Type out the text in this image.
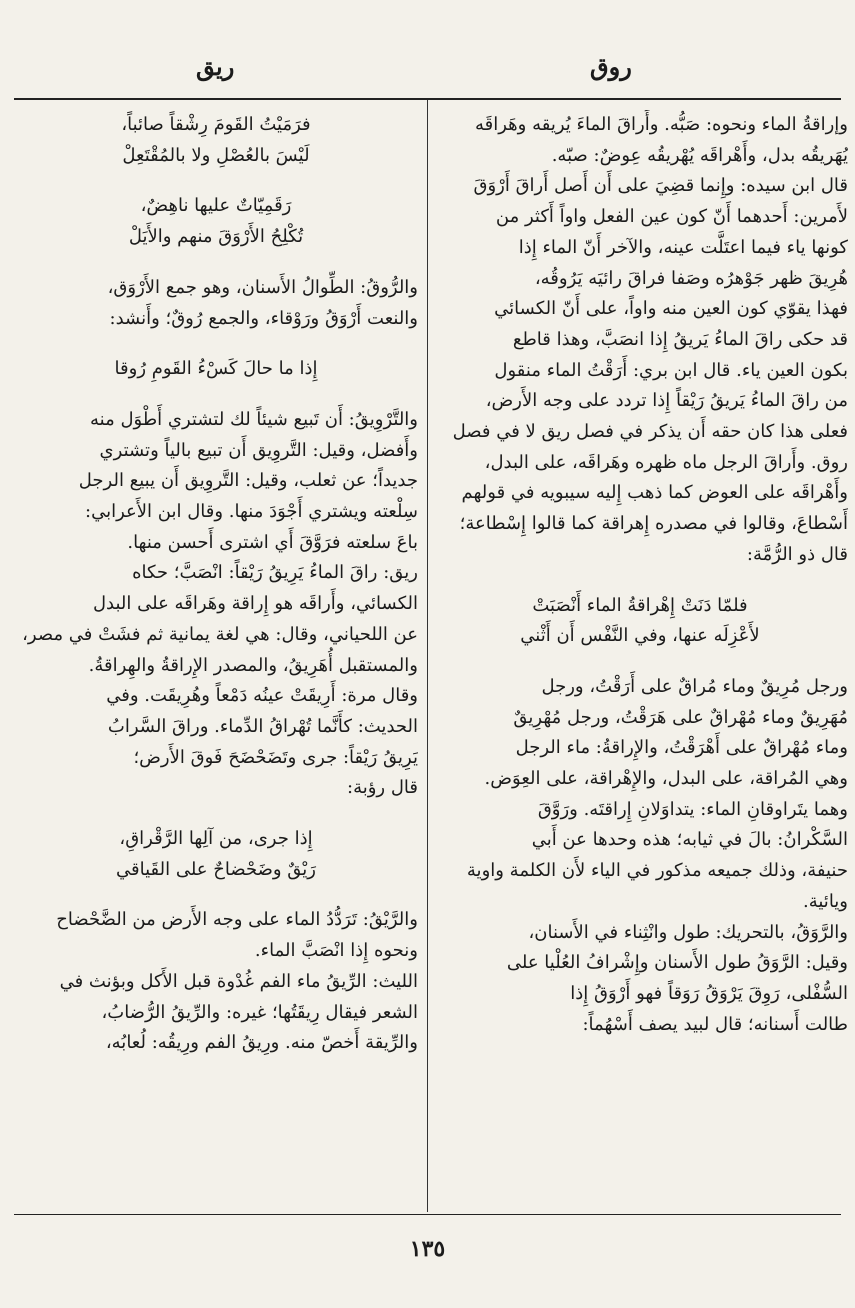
روق
ريق
وإراقةُ الماء ونحوه: صَبُّه. وأَراقَ الماءَ يُريقه وهَراقَه
يُهَريقُه بدل، وأَهْراقَه يُهْريقُه عِوضٌ: صبّه.
قال ابن سيده: وإِنما قضِيَ على أَن أَصل أَراقَ أَرْوَقَ
لأَمرين: أَحدهما أَنّ كون عين الفعل واواً أَكثر من
كونها ياء فيما اعتَلَّت عينه، والآخر أَنّ الماء إِذا
هُرِيقَ ظهر جَوْهرُه وصَفا فراقَ رائيَه يَرُوقُه،
فهذا يقوّي كون العين منه واواً، على أَنّ الكسائي
قد حكى راقَ الماءُ يَريقُ إِذا انصَبَّ، وهذا قاطع
بكون العين ياء. قال ابن بري: أَرَقْتُ الماء منقول
من راقَ الماءُ يَريقُ رَيْقاً إِذا تردد على وجه الأَرض،
فعلى هذا كان حقه أَن يذكر في فصل ريق لا في فصل
روق. وأَراقَ الرجل ماه ظهره وهَراقَه، على البدل،
وأَهْراقَه على العوض كما ذهب إِليه سيبويه في قولهم
أَسْطاعَ، وقالوا في مصدره إِهراقة كما قالوا إِسْطاعة؛
قال ذو الرُّمَّة:
فلمّا دَنَتْ إِهْراقةُ الماء أَنْصَبَتْ
لأَعْزِلَه عنها، وفي النَّفْس أَن أَثْني
ورجل مُرِيقٌ وماء مُراقٌ على أَرَقْتُ، ورجل
مُهَرِيقٌ وماء مُهْراقٌ على هَرَقْتُ، ورجل مُهْرِيقٌ
وماء مُهْراقٌ على أَهْرَقْتُ، والإِراقةُ: ماء الرجل
وهي المُراقة، على البدل، والإِهْراقة، على العِوَض.
وهما يتَراوقانِ الماء: يتداوَلانِ إِراقتَه. ورَوَّقَ
السَّكْرانُ: بالَ في ثيابه؛ هذه وحدها عن أَبي
حنيفة، وذلك جميعه مذكور في الياء لأَن الكلمة واوية
ويائية.
والرَّوَقُ، بالتحريك: طول وانْثِناء في الأَسنان،
وقيل: الرَّوَقُ طول الأَسنان وإِشْرافُ العُلْيا على
السُّفْلى، رَوِقَ يَرْوَقُ رَوَقاً فهو أَرْوَقُ إِذا
طالت أَسنانه؛ قال لبيد يصف أَسْهُماً:
فرَمَيْتُ القَومَ رِشْقاً صائباً،
لَيْسَ بالعُصْلِ ولا بالمُقْتَعِلْ
رَقَمِيّاتٌ عليها ناهِضٌ،
تُكْلِحُ الأَرْوَقَ منهم والأَيَلْ
والرُّوقُ: الطِّوالُ الأَسنان، وهو جمع الأَرْوَق،
والنعت أَرْوَقُ ورَوْقاء، والجمع رُوقٌ؛ وأَنشد:
إِذا ما حالَ كَسْءُ القَومِ رُوقا
والتَّرْوِيقُ: أَن تَبيع شيئاً لك لتشتري أَطْوَل منه
وأَفضل، وقيل: التَّروِيق أَن تبيع بالياً وتشتري
جديداً؛ عن ثعلب، وقيل: التَّروِيق أَن يبيع الرجل
سِلْعته ويشتري أَجْوَدَ منها. وقال ابن الأَعرابي:
باعَ سلعته فرَوَّقَ أَي اشترى أَحسن منها.
ريق: راقَ الماءُ يَرِيقُ رَيْقاً: انْصَبَّ؛ حكاه
الكسائي، وأَراقَه هو إِراقة وهَراقَه على البدل
عن اللحياني، وقال: هي لغة يمانية ثم فشَتْ في مصر،
والمستقبل أُهَرِيقُ، والمصدر الإِراقةُ والهِراقةُ.
وقال مرة: أَرِيقَتْ عينُه دَمْعاً وهُرِيقَت. وفي
الحديث: كأَنَّما تُهْراقُ الدِّماء. وراقَ السَّرابُ
يَرِيقُ رَيْقاً: جرى وتَضَحْضَحَ فَوقَ الأَرض؛
قال رؤبة:
إِذا جرى، من آلِها الرَّقْراقِ،
رَيْقٌ وضَحْضاحٌ على القَياقي
والرَّيْقُ: تَرَدُّدُ الماء على وجه الأَرض من الضَّحْضاح
ونحوه إِذا انْصَبَّ الماء.
الليث: الرِّيقُ ماء الفم غُدْوة قبل الأَكل وبؤنث في
الشعر فيقال رِيقَتُها؛ غيره: والرِّيقُ الرُّضابُ،
والرِّيقة أَخصّ منه. ورِيقُ الفم ورِيقُه: لُعابُه،
١٣٥
